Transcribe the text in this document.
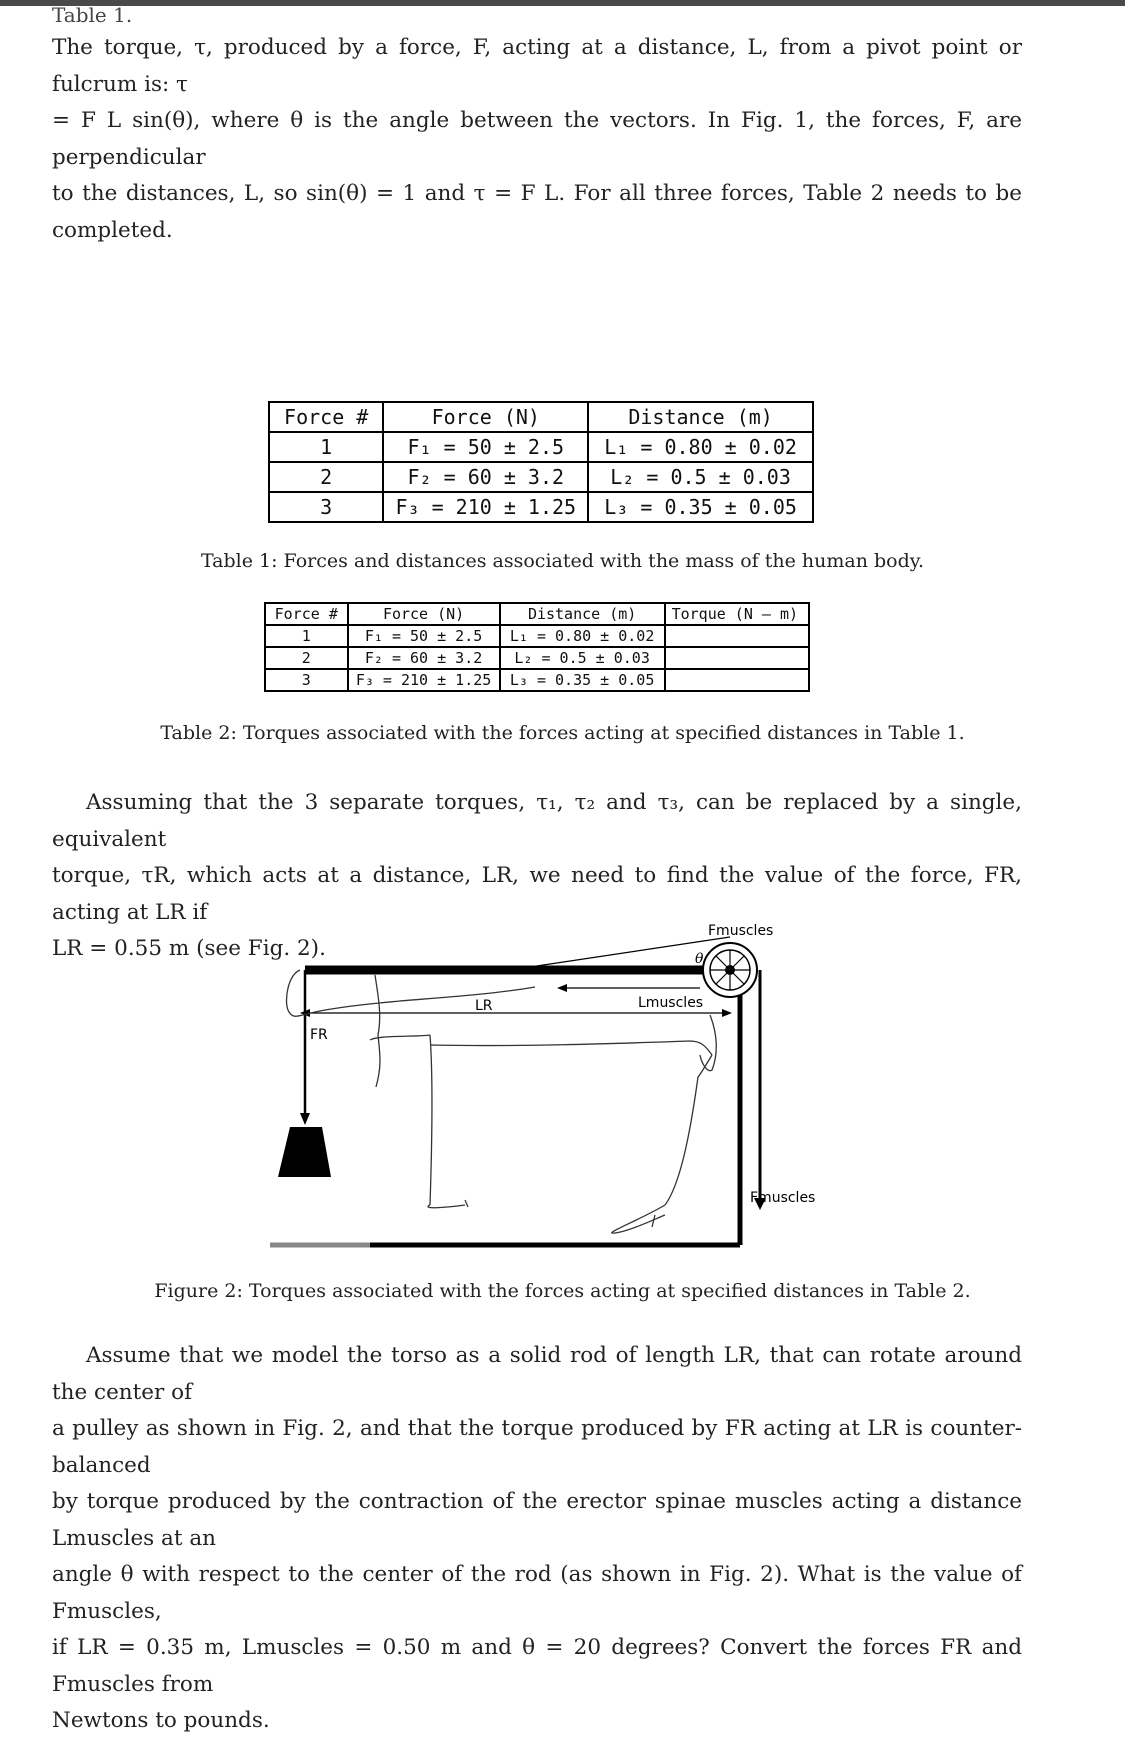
Table 1.
The torque, τ, produced by a force, F, acting at a distance, L, from a pivot point or fulcrum is: τ
= F L sin(θ), where θ is the angle between the vectors. In Fig. 1, the forces, F, are perpendicular
to the distances, L, so sin(θ) = 1 and τ = F L. For all three forces, Table 2 needs to be completed.
Force #	Force (N)	Distance (m)
1	F₁ = 50 ± 2.5	L₁ = 0.80 ± 0.02
2	F₂ = 60 ± 3.2	L₂ = 0.5 ± 0.03
3	F₃ = 210 ± 1.25	L₃ = 0.35 ± 0.05
Table 1: Forces and distances associated with the mass of the human body.
Force #	Force (N)	Distance (m)	Torque (N – m)
1	F₁ = 50 ± 2.5	L₁ = 0.80 ± 0.02	
2	F₂ = 60 ± 3.2	L₂ = 0.5 ± 0.03	
3	F₃ = 210 ± 1.25	L₃ = 0.35 ± 0.05	
Table 2: Torques associated with the forces acting at specified distances in Table 1.
Assuming that the 3 separate torques, τ₁, τ₂ and τ₃, can be replaced by a single, equivalent
torque, τR, which acts at a distance, LR, we need to find the value of the force, FR, acting at LR if
LR = 0.55 m (see Fig. 2).
Fmuscles
θ
LR	Lmuscles
FR
Fmuscles
Figure 2: Torques associated with the forces acting at specified distances in Table 2.
Assume that we model the torso as a solid rod of length LR, that can rotate around the center of
a pulley as shown in Fig. 2, and that the torque produced by FR acting at LR is counter-balanced
by torque produced by the contraction of the erector spinae muscles acting a distance Lmuscles at an
angle θ with respect to the center of the rod (as shown in Fig. 2). What is the value of Fmuscles,
if LR = 0.35 m, Lmuscles = 0.50 m and θ = 20 degrees? Convert the forces FR and Fmuscles from
Newtons to pounds.
